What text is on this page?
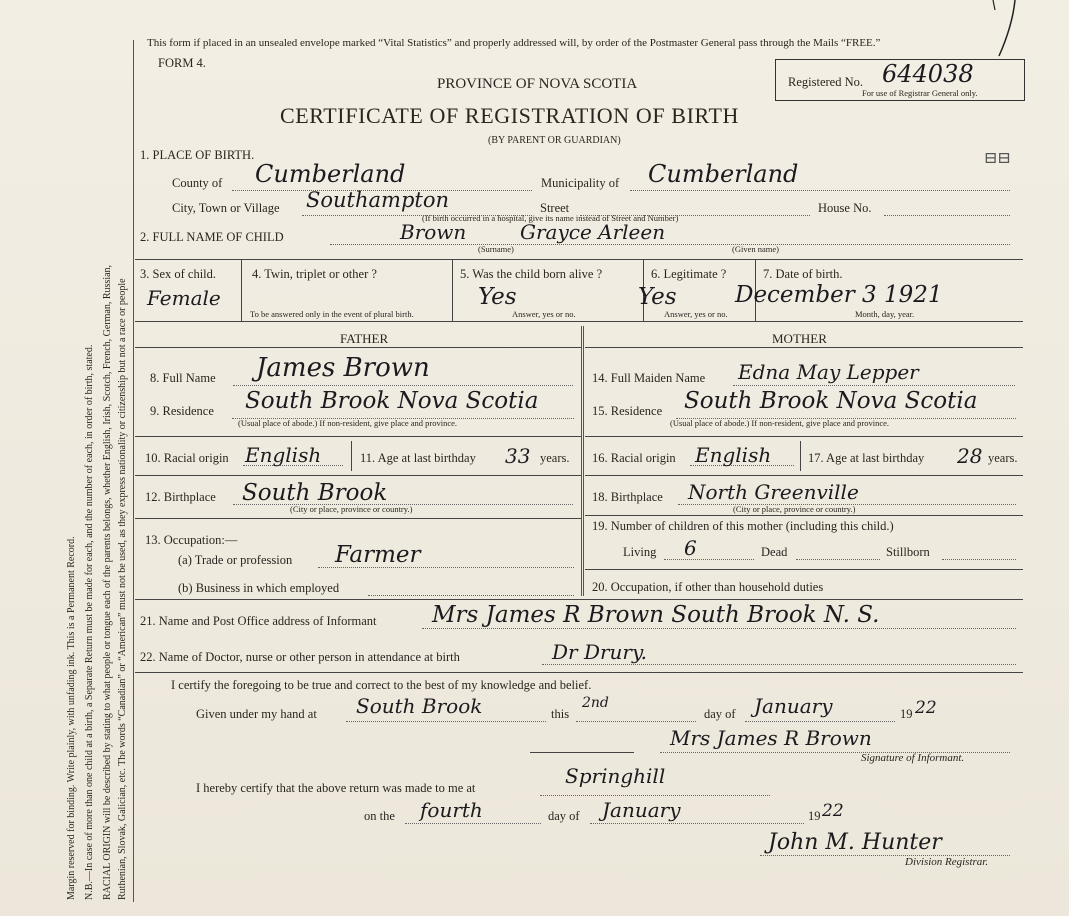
Margin reserved for binding. Write plainly, with unfading ink. This is a Permanent Record. N.B.—In case of more than one child at a birth, a Separate Return must be made for each, and the number of each, in order of birth, stated. RACIAL ORIGIN will be described by stating to what people or tongue each of the parents belongs, whether English, Irish, Scotch, French, German, Russian, Ruthenian, Slovak, Galician, etc. The words “Canadian” or “American” must not be used, as they express nationality or citizenship but not a race or people
This form if placed in an unsealed envelope marked “Vital Statistics” and properly addressed will, by order of the Postmaster General pass through the Mails “FREE.”
FORM 4.
PROVINCE OF NOVA SCOTIA
CERTIFICATE OF REGISTRATION OF BIRTH
(BY PARENT OR GUARDIAN)
Registered No. 644038
For use of Registrar General only.
⊟⊟
1. PLACE OF BIRTH.
County of Cumberland	Municipality of Cumberland
City, Town or Village Southampton	Street	House No.
(If birth occurred in a hospital, give its name instead of Street and Number)
2. FULL NAME OF CHILD	Brown	Grayce Arleen
(Surname)	(Given name)
3. Sex of child.
Female
4. Twin, triplet or other ?
To be answered only in the event of plural birth.
5. Was the child born alive ?
Yes
Answer, yes or no.
6. Legitimate ?
Yes
Answer, yes or no.
7. Date of birth.
December 3 1921
Month, day, year.
FATHER	MOTHER
8. Full Name James Brown
9. Residence South Brook Nova Scotia
(Usual place of abode.) If non-resident, give place and province.
10. Racial origin English	11. Age at last birthday 33 years.
12. Birthplace South Brook
(City or place, province or country.)
13. Occupation:—
(a) Trade or profession Farmer
(b) Business in which employed
14. Full Maiden Name Edna May Lepper
15. Residence South Brook Nova Scotia
(Usual place of abode.) If non-resident, give place and province.
16. Racial origin English	17. Age at last birthday 28 years.
18. Birthplace North Greenville
(City or place, province or country.)
19. Number of children of this mother (including this child.)
Living 6	Dead	Stillborn
20. Occupation, if other than household duties
21. Name and Post Office address of Informant Mrs James R Brown South Brook N. S.
22. Name of Doctor, nurse or other person in attendance at birth	Dr Drury.
I certify the foregoing to be true and correct to the best of my knowledge and belief.
Given under my hand at South Brook	this
2nd
day of January	19 22
Mrs James R Brown
Signature of Informant.
I hereby certify that the above return was made to me at	Springhill
on the fourth	day of January	19 22
John M. Hunter
Division Registrar.
